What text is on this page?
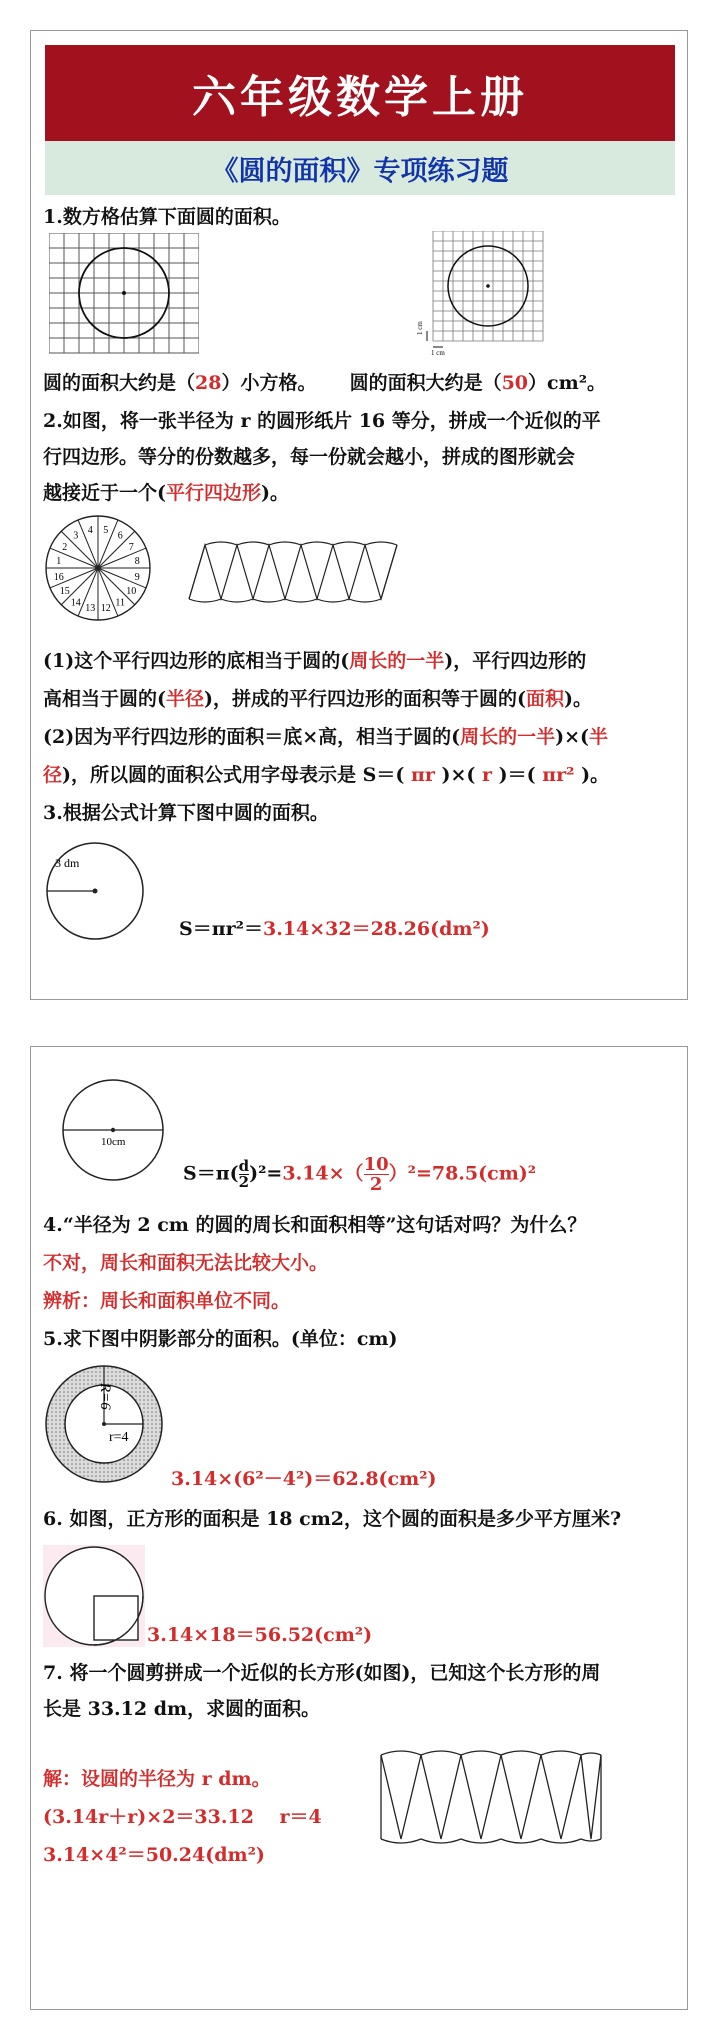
六年级数学上册
《圆的面积》专项练习题
1.数方格估算下面圆的面积。
1 cm
1 cm
圆的面积大约是（28）小方格。 圆的面积大约是（50）cm²。
2.如图，将一张半径为 r 的圆形纸片 16 等分，拼成一个近似的平
行四边形。等分的份数越多，每一份就会越小，拼成的图形就会
越接近于一个(平行四边形)。
1
2
3
4 5
6
7
8
9
10
11
12
13
14
15
16
(1)这个平行四边形的底相当于圆的(周长的一半)，平行四边形的
高相当于圆的(半径)，拼成的平行四边形的面积等于圆的(面积)。
(2)因为平行四边形的面积＝底×高，相当于圆的(周长的一半)×(半
径)，所以圆的面积公式用字母表示是 S＝( πr )×( r )＝( πr² )。
3.根据公式计算下图中圆的面积。
3 dm
S＝πr²＝3.14×32＝28.26(dm²)
10cm
$S=\pi( \frac{d}{2} )^2=3.14\times( \frac{10}{2} )^2=78.5(cm)^2$
4.“半径为 2 cm 的圆的周长和面积相等”这句话对吗？为什么？
不对，周长和面积无法比较大小。
辨析：周长和面积单位不同。
5.求下图中阴影部分的面积。(单位：cm)
R=6
r=4
3.14×(6²－4²)＝62.8(cm²)
6. 如图，正方形的面积是 18 cm2，这个圆的面积是多少平方厘米?
3.14×18＝56.52(cm²)
7. 将一个圆剪拼成一个近似的长方形(如图)，已知这个长方形的周
长是 33.12 dm，求圆的面积。
解：设圆的半径为 r dm。
(3.14r＋r)×2＝33.12　 r＝4
3.14×4²＝50.24(dm²)
